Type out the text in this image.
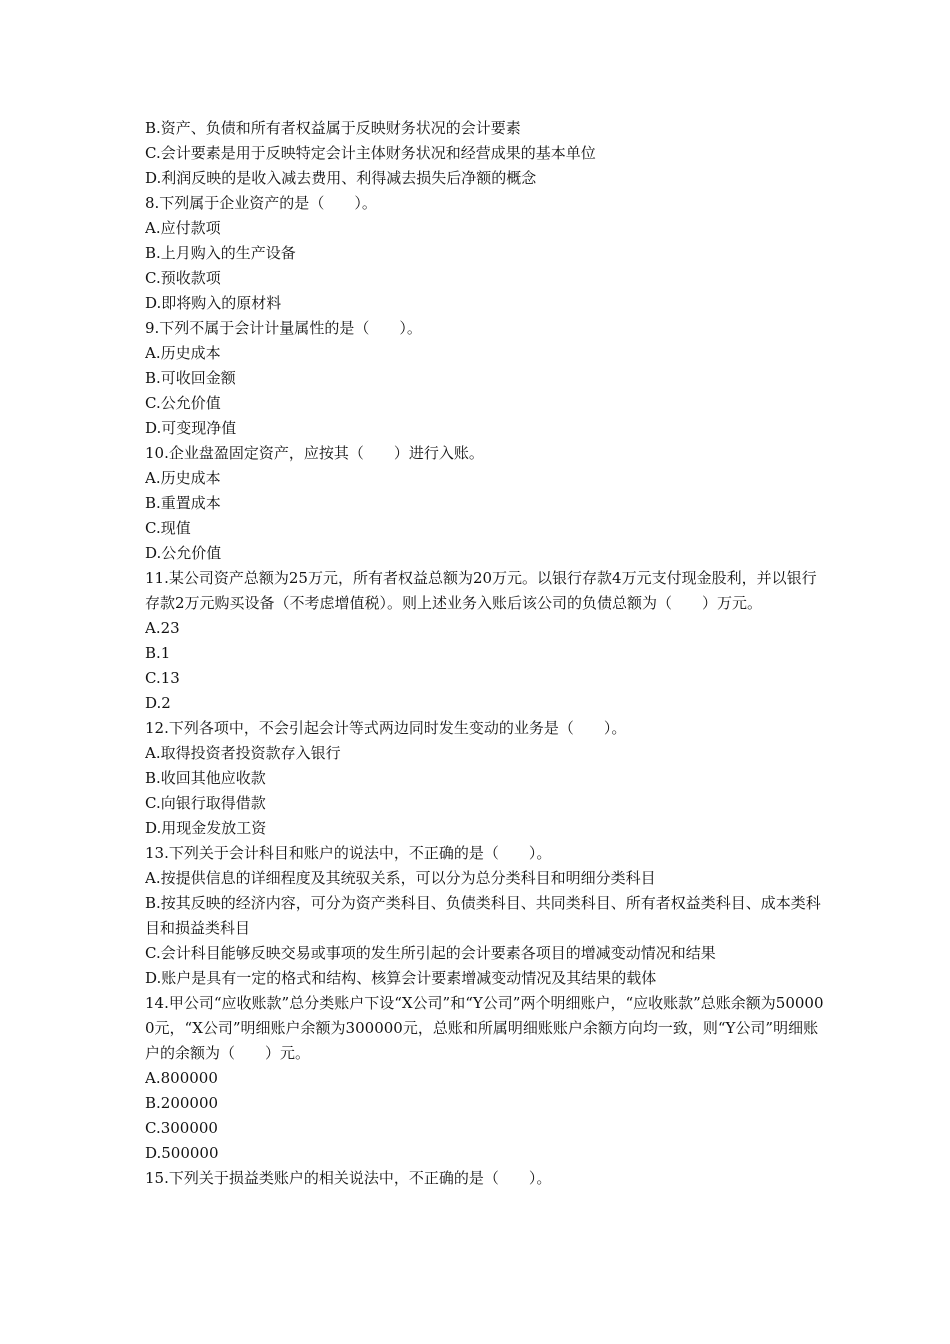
B.资产、负债和所有者权益属于反映财务状况的会计要素
C.会计要素是用于反映特定会计主体财务状况和经营成果的基本单位
D.利润反映的是收入减去费用、利得减去损失后净额的概念
8.下列属于企业资产的是（　　）。
A.应付款项
B.上月购入的生产设备
C.预收款项
D.即将购入的原材料
9.下列不属于会计计量属性的是（　　）。
A.历史成本
B.可收回金额
C.公允价值
D.可变现净值
10.企业盘盈固定资产，应按其（　　）进行入账。
A.历史成本
B.重置成本
C.现值
D.公允价值
11.某公司资产总额为25万元，所有者权益总额为20万元。以银行存款4万元支付现金股利，并以银行存款2万元购买设备（不考虑增值税）。则上述业务入账后该公司的负债总额为（　　）万元。
A.23
B.1
C.13
D.2
12.下列各项中，不会引起会计等式两边同时发生变动的业务是（　　）。
A.取得投资者投资款存入银行
B.收回其他应收款
C.向银行取得借款
D.用现金发放工资
13.下列关于会计科目和账户的说法中，不正确的是（　　）。
A.按提供信息的详细程度及其统驭关系，可以分为总分类科目和明细分类科目
B.按其反映的经济内容，可分为资产类科目、负债类科目、共同类科目、所有者权益类科目、成本类科目和损益类科目
C.会计科目能够反映交易或事项的发生所引起的会计要素各项目的增减变动情况和结果
D.账户是具有一定的格式和结构、核算会计要素增减变动情况及其结果的载体
14.甲公司“应收账款”总分类账户下设“X公司”和“Y公司”两个明细账户，“应收账款”总账余额为500000元，“X公司”明细账户余额为300000元，总账和所属明细账账户余额方向均一致，则“Y公司”明细账户的余额为（　　）元。
A.800000
B.200000
C.300000
D.500000
15.下列关于损益类账户的相关说法中，不正确的是（　　）。
